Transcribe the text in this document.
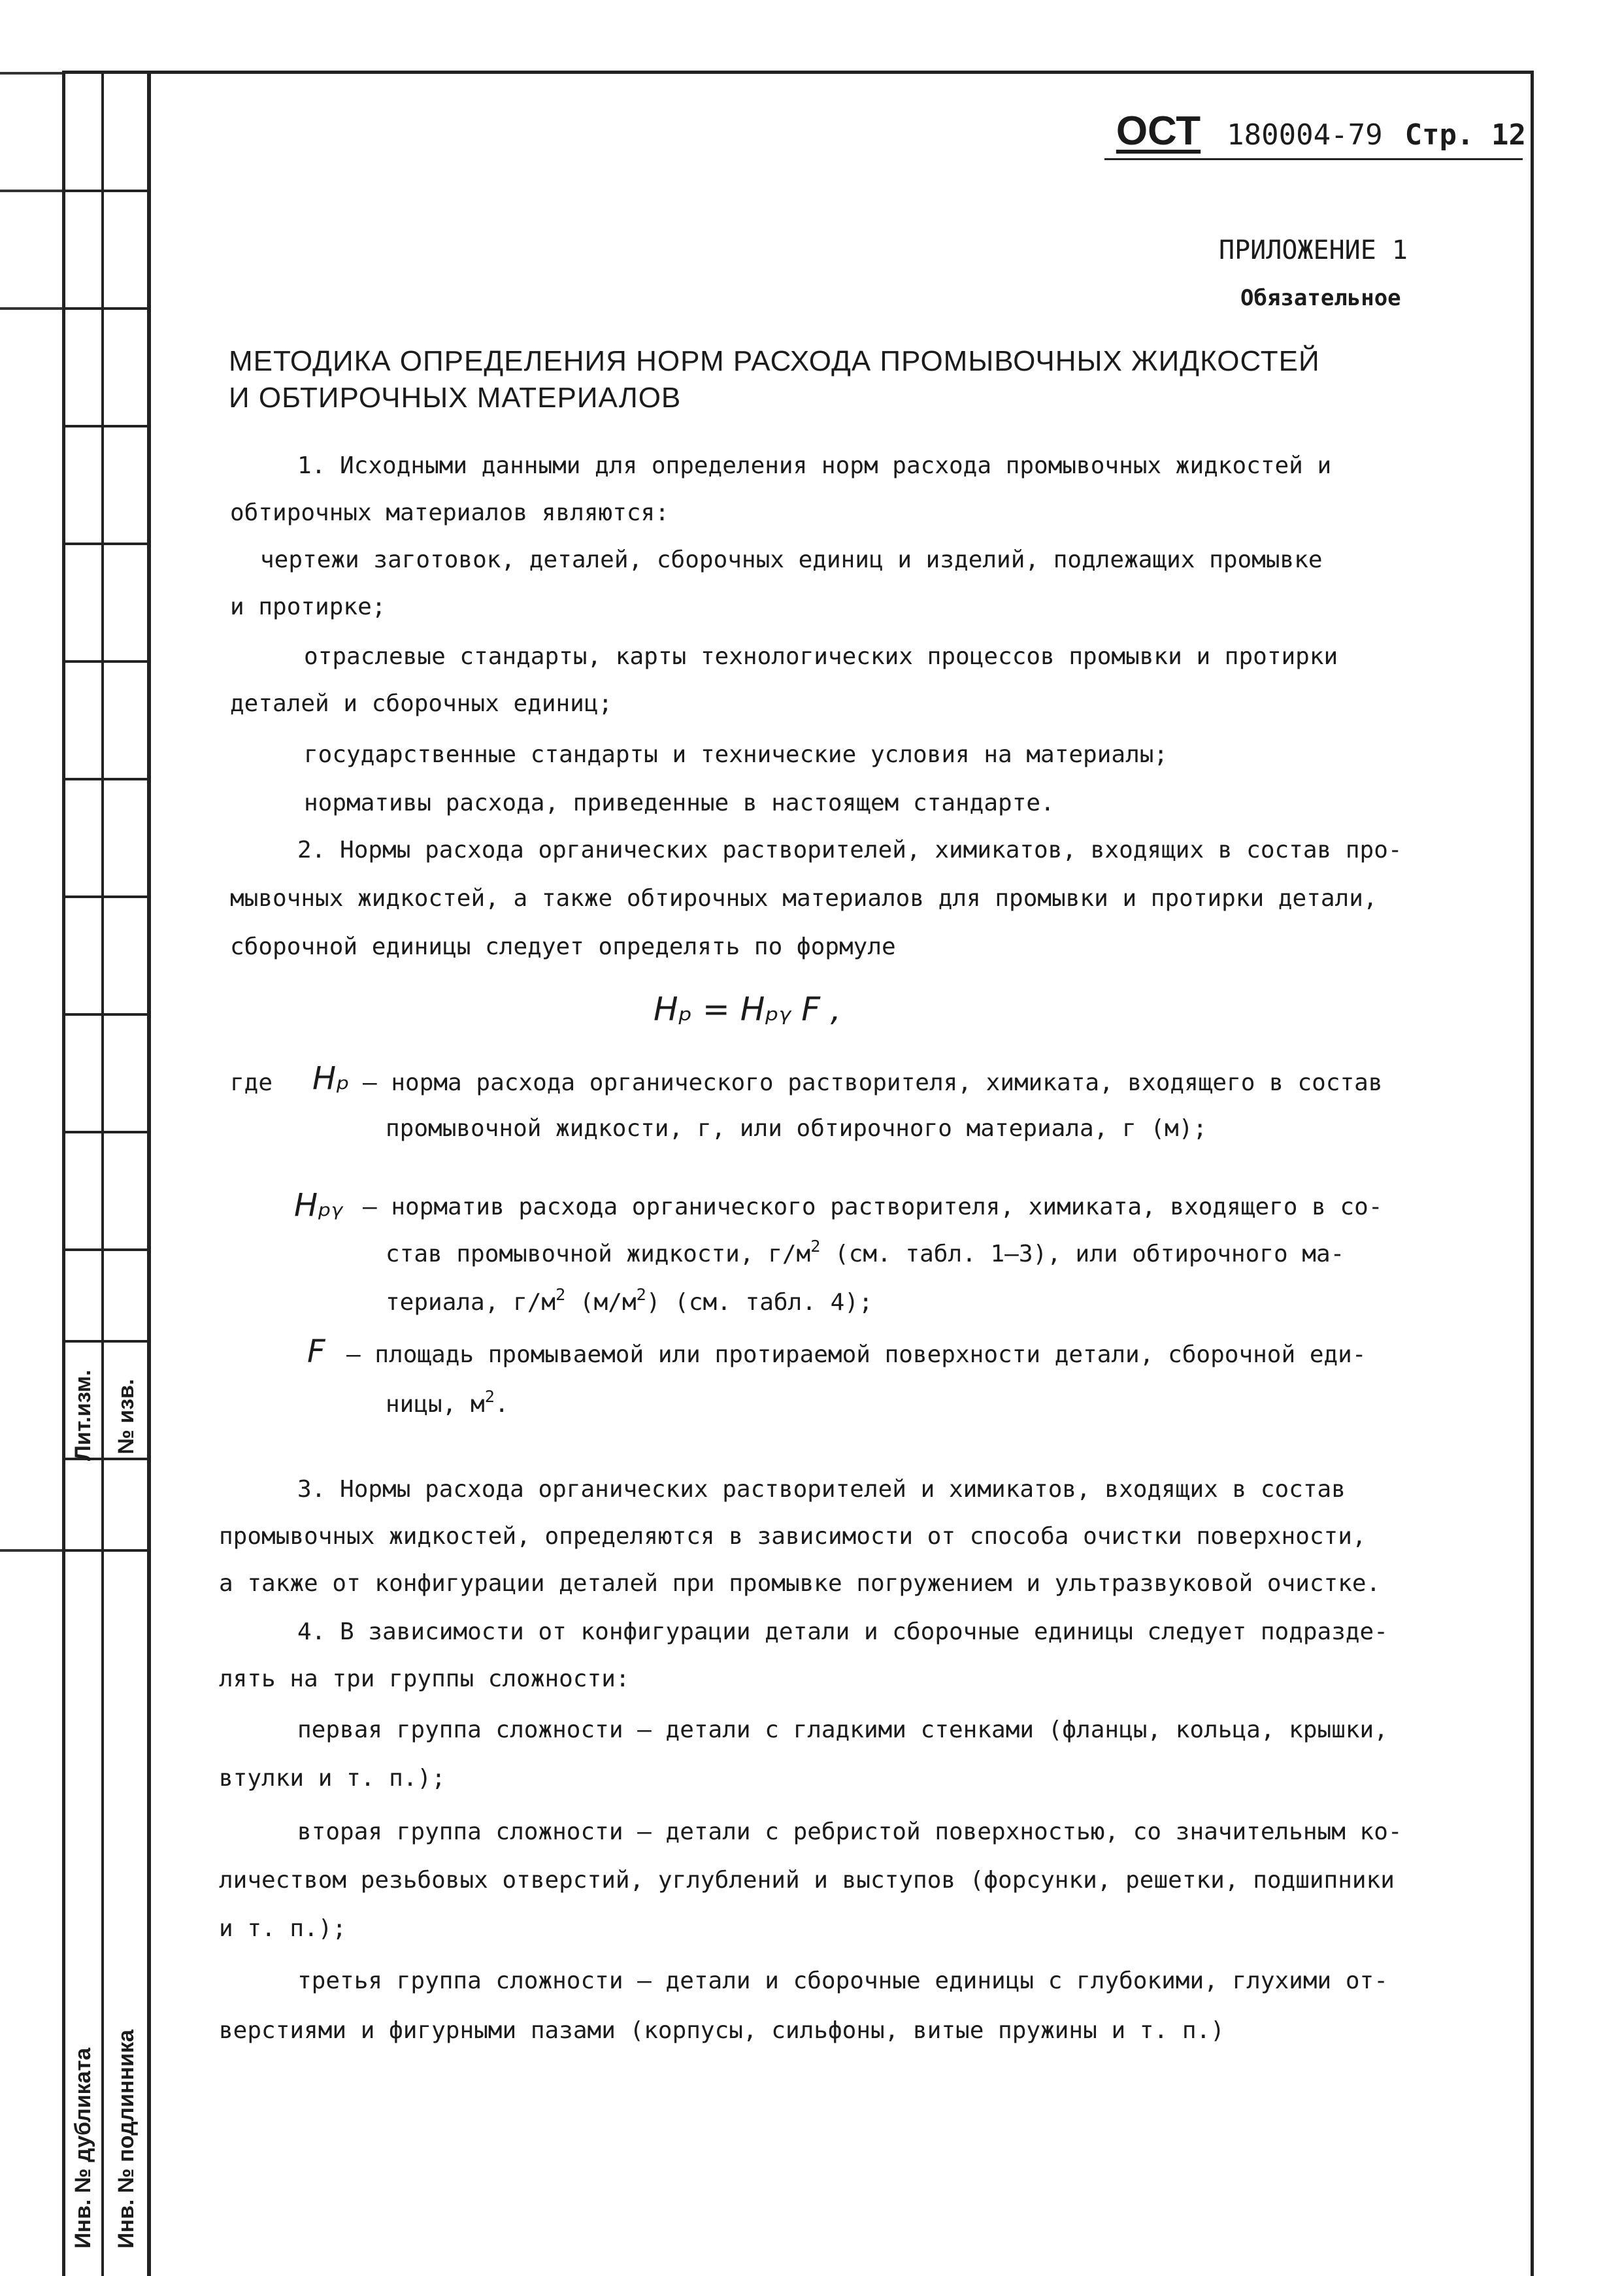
Лит.изм. № изв.
Инв. № дубликата Инв. № подлинника
ОСТ 180004-79 Стр. 12
ПРИЛОЖЕНИЕ 1
Обязательное
МЕТОДИКА ОПРЕДЕЛЕНИЯ НОРМ РАСХОДА ПРОМЫВОЧНЫХ ЖИДКОСТЕЙ
И ОБТИРОЧНЫХ МАТЕРИАЛОВ
1. Исходными данными для определения норм расхода промывочных жидкостей и
обтирочных материалов являются:
чертежи заготовок, деталей, сборочных единиц и изделий, подлежащих промывке
и протирке;
отраслевые стандарты, карты технологических процессов промывки и протирки
деталей и сборочных единиц;
государственные стандарты и технические условия на материалы;
нормативы расхода, приведенные в настоящем стандарте.
2. Нормы расхода органических растворителей, химикатов, входящих в состав про-
мывочных жидкостей, а также обтирочных материалов для промывки и протирки детали,
сборочной единицы следует определять по формуле
Hₚ = Hₚᵧ F ,
где Hₚ – норма расхода органического растворителя, химиката, входящего в состав
промывочной жидкости, г, или обтирочного материала, г (м);
Hₚᵧ – норматив расхода органического растворителя, химиката, входящего в со-
став промывочной жидкости, $г/м^2$ (см. табл. 1–3), или обтирочного ма-
териала, $г/м^2$ $(м/м^2)$ (см. табл. 4);
F – площадь промываемой или протираемой поверхности детали, сборочной еди-
ницы, $м^2$.
3. Нормы расхода органических растворителей и химикатов, входящих в состав
промывочных жидкостей, определяются в зависимости от способа очистки поверхности,
а также от конфигурации деталей при промывке погружением и ультразвуковой очистке.
4. В зависимости от конфигурации детали и сборочные единицы следует подразде-
лять на три группы сложности:
первая группа сложности – детали с гладкими стенками (фланцы, кольца, крышки,
втулки и т. п.);
вторая группа сложности – детали с ребристой поверхностью, со значительным ко-
личеством резьбовых отверстий, углублений и выступов (форсунки, решетки, подшипники
и т. п.);
третья группа сложности – детали и сборочные единицы с глубокими, глухими от-
верстиями и фигурными пазами (корпусы, сильфоны, витые пружины и т. п.)
